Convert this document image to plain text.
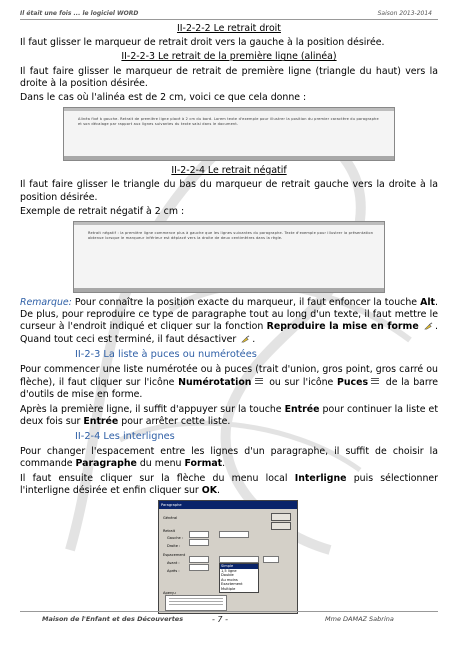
Il était une fois ... le logiciel WORD	Saison 2013-2014
II-2-2-2 Le retrait droit
Il faut glisser le marqueur de retrait droit vers la gauche à la position désirée.
II-2-2-3 Le retrait de la première ligne (alinéa)
Il faut faire glisser le marqueur de retrait de première ligne (triangle du haut) vers la droite à la position désirée.
Dans le cas où l'alinéa est de 2 cm, voici ce que cela donne :
Alinéa fixé à gauche. Retrait de première ligne placé à 2 cm du bord. Lorem texte d'exemple pour illustrer la position du premier caractère du paragraphe et son décalage par rapport aux lignes suivantes du texte saisi dans le document.
II-2-2-4 Le retrait négatif
Il faut faire glisser le triangle du bas du marqueur de retrait gauche vers la droite à la position désirée.
Exemple de retrait négatif à 2 cm :
Retrait négatif : la première ligne commence plus à gauche que les lignes suivantes du paragraphe. Texte d'exemple pour illustrer la présentation obtenue lorsque le marqueur inférieur est déplacé vers la droite de deux centimètres dans la règle.
Remarque: Pour connaître la position exacte du marqueur, il faut enfoncer la touche Alt. De plus, pour reproduire ce type de paragraphe tout au long d'un texte, il faut mettre le curseur à l'endroit indiqué et cliquer sur la fonction Reproduire la mise en forme . Quand tout ceci est terminé, il faut désactiver .
II-2-3 La liste à puces ou numérotées
Pour commencer une liste numérotée ou à puces (trait d'union, gros point, gros carré ou flèche), il faut cliquer sur l'icône Numérotation
ou sur l'icône Puces
de la barre d'outils de mise en forme.
Après la première ligne, il suffit d'appuyer sur la touche Entrée pour continuer la liste et deux fois sur Entrée pour arrêter cette liste.
II-2-4 Les interlignes
Pour changer l'espacement entre les lignes d'un paragraphe, il suffit de choisir la commande Paragraphe du menu Format.
Il faut ensuite cliquer sur la flèche du menu local Interligne puis sélectionner l'interligne désirée et enfin cliquer sur OK.
Paragraphe
Général
Retrait
Gauche :
Droite :
Espacement
Avant :
Après :
Simple
1,5 ligne
Double
Au moins
Exactement
Multiple
Aperçu
Maison de l'Enfant et des Découvertes	- 7 -	Mme DAMAZ Sabrina
